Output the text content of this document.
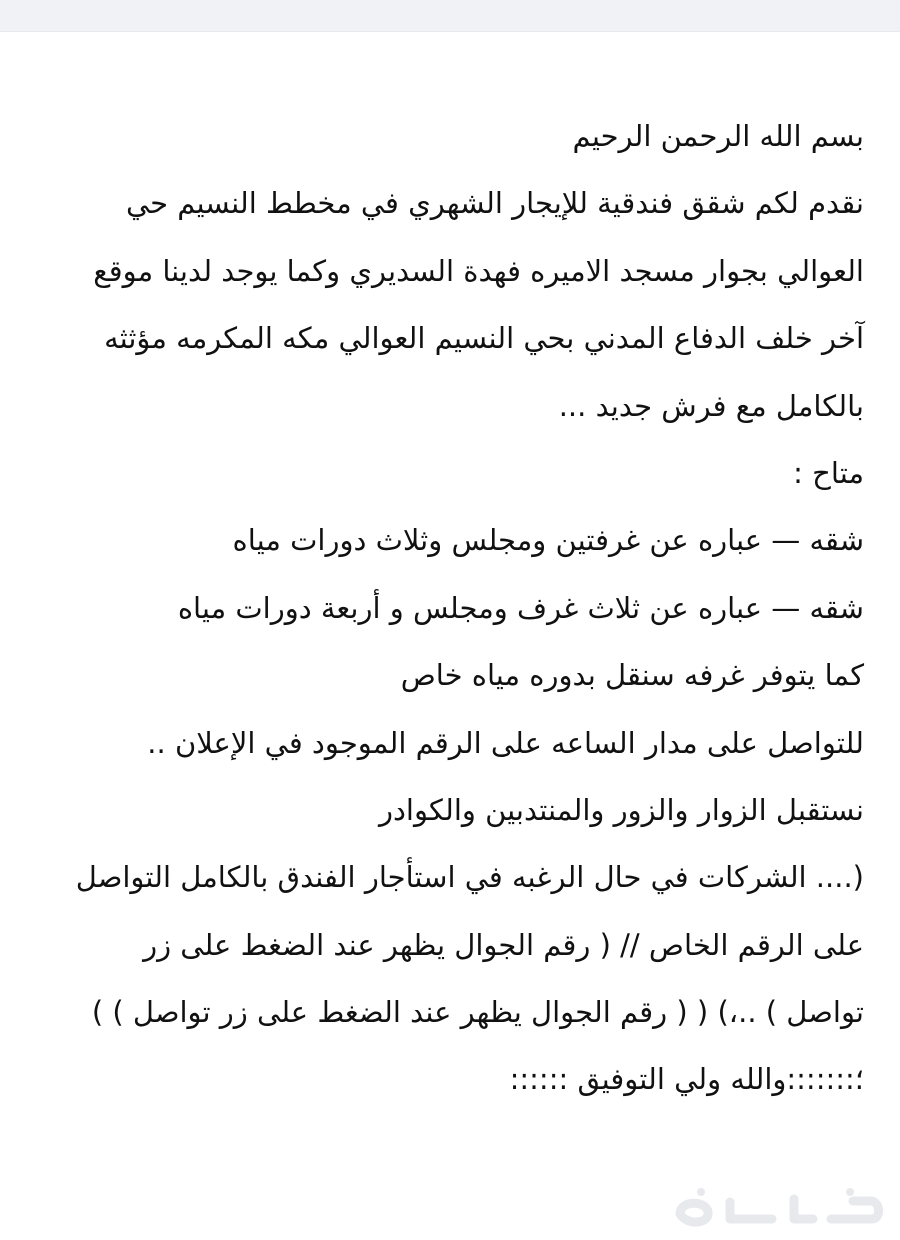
بسم الله الرحمن الرحيم
نقدم لكم شقق فندقية للإيجار الشهري في مخطط النسيم حي
العوالي بجوار مسجد الاميره فهدة السديري وكما يوجد لدينا موقع
آخر خلف الدفاع المدني بحي النسيم العوالي مكه المكرمه مؤثثه
بالكامل مع فرش جديد ...
متاح :
شقه — عباره عن غرفتين ومجلس وثلاث دورات مياه
شقه — عباره عن ثلاث غرف ومجلس و أربعة دورات مياه
كما يتوفر غرفه سنقل بدوره مياه خاص
للتواصل على مدار الساعه على الرقم الموجود في الإعلان ..
نستقبل الزوار والزور والمنتدبين والكوادر
(.... الشركات في حال الرغبه في استأجار الفندق بالكامل التواصل
على الرقم الخاص // ( رقم الجوال يظهر عند الضغط على زر
تواصل ) ..،) ( ( رقم الجوال يظهر عند الضغط على زر تواصل ) )
؛:::::::والله ولي التوفيق ::::::
